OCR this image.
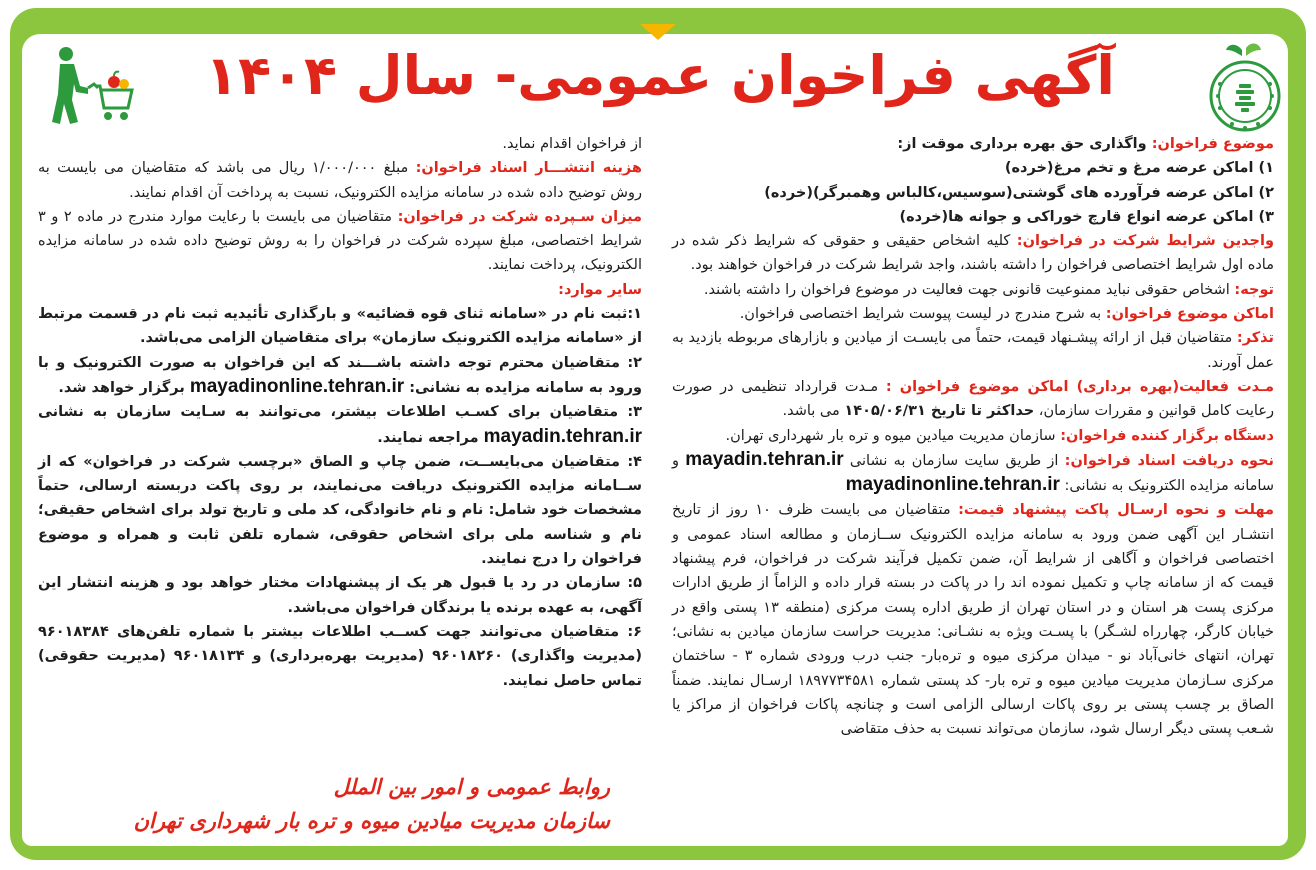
آگهی فراخوان عمومی- سال ۱۴۰۴

موضوع فراخوان: واگذاری حق بهره برداری موقت از:

۱) اماکن عرضه مرغ و تخم مرغ(خرده)

۲) اماکن عرضه فرآورده های گوشتی(سوسیس،کالباس وهمبرگر)(خرده)

۳) اماکن عرضه انواع قارچ خوراکی و جوانه ها(خرده)

واجدین شرایط شرکت در فراخوان: کلیه اشخاص حقیقی و حقوقی که شرایط ذکر شده در ماده اول شرایط اختصاصی فراخوان را داشته باشند، واجد شرایط شرکت در فراخوان خواهند بود.

توجه: اشخاص حقوقی نباید ممنوعیت قانونی جهت فعالیت در موضوع فراخوان را داشته باشند.

اماکن موضوع فراخوان: به شرح مندرج در لیست پیوست شرایط اختصاصی فراخوان.

تذکر: متقاضیان قبل از ارائه پیشـنهاد قیمت، حتماً می بایسـت از میادین و بازارهای مربوطه بازدید به عمل آورند.

مـدت فعالیت(بهره برداری) اماکن موضوع فراخوان : مـدت قرارداد تنظیمی در صورت رعایت کامل قوانین و مقررات سازمان، حداکثر تا تاریخ ۱۴۰۵/۰۶/۳۱ می باشد.

دستگاه برگزار کننده فراخوان: سازمان مدیریت میادین میوه و تره بار شهرداری تهران.

نحوه دریافت اسناد فراخوان: از طریق سایت سازمان به نشانی mayadin.tehran.ir و سامانه مزایده الکترونیک به نشانی: mayadinonline.tehran.ir

مهلت و نحوه ارسـال پاکت پیشنهاد قیمت: متقاضیان می بایست ظرف ۱۰ روز از تاریخ انتشـار این آگهی ضمن ورود به سامانه مزایده الکترونیک ســازمان و مطالعه اسناد عمومی و اختصاصی فراخوان و آگاهی از شرایط آن، ضمن تکمیل فرآیند شرکت در فراخوان، فرم پیشنهاد قیمت که از سامانه چاپ و تکمیل نموده اند را در پاکت در بسته قرار داده و الزاماً از طریق ادارات مرکزی پست هر استان و در استان تهران از طریق اداره پست مرکزی (منطقه ۱۳ پستی واقع در خیابان کارگر، چهارراه لشـگر) با پسـت ویژه به نشـانی: مدیریت حراست سازمان میادین به نشانی؛ تهران، انتهای خانی‌آباد نو - میدان مرکزی میوه و تره‌بار- جنب درب ورودی شماره ۳ - ساختمان مرکزی سـازمان مدیریت میادین میوه و تره بار- کد پستی شماره ۱۸۹۷۷۳۴۵۸۱ ارسـال نمایند. ضمناً الصاق بر چسب پستی بر روی پاکات ارسالی الزامی است و چنانچه پاکات فراخوان از مراکز یا شـعب پستی دیگر ارسال شود، سازمان می‌تواند نسبت به حذف متقاضی

از فراخوان اقدام نماید.

هزینه انتشـــار اسناد فراخوان: مبلغ ۱/۰۰۰/۰۰۰ ریال می باشد که متقاضیان می بایست به روش توضیح داده شده در سامانه مزایده الکترونیک، نسبت به پرداخت آن اقدام نمایند.

میزان سـپرده شرکت در فراخوان: متقاضیان می بایست با رعایت موارد مندرج در ماده ۲ و ۳ شرایط اختصاصی، مبلغ سپرده شرکت در فراخوان را به روش توضیح داده شده در سامانه مزایده الکترونیک، پرداخت نمایند.

سایر موارد:

۱:ثبت نام در «سامانه ثنای قوه قضائیه» و بارگذاری تأئیدیه ثبت نام در قسمت مرتبط از «سامانه مزایده الکترونیک سازمان» برای متقاضیان الزامی می‌باشد.

۲: متقاضیان محترم توجه داشته باشـــند که این فراخوان به صورت الکترونیک و با ورود به سامانه مزایده به نشانی: mayadinonline.tehran.ir برگزار خواهد شد.

۳: متقاضیان برای کسـب اطلاعات بیشتر، می‌توانند به سـایت سازمان به نشانی mayadin.tehran.ir مراجعه نمایند.

۴: متقاضیان می‌بایســت، ضمن چاپ و الصاق «برچسب شرکت در فراخوان» که از ســامانه مزایده الکترونیک دریافت می‌نمایند، بر روی پاکت دربسته ارسالی، حتماً مشخصات خود شامل: نام و نام خانوادگی، کد ملی و تاریخ تولد برای اشخاص حقیقی؛ نام و شناسه ملی برای اشخاص حقوقی، شماره تلفن ثابت و همراه و موضوع فراخوان را درج نمایند.

۵: سازمان در رد یا قبول هر یک از پیشنهادات مختار خواهد بود و هزینه انتشار این آگهی، به عهده برنده یا برندگان فراخوان می‌باشد.

۶: متقاضیان می‌توانند جهت کســب اطلاعات بیشتر با شماره تلفن‌های ۹۶۰۱۸۳۸۴ (مدیریت واگذاری) ۹۶۰۱۸۲۶۰ (مدیریت بهره‌برداری) و ۹۶۰۱۸۱۳۴ (مدیریت حقوقی) تماس حاصل نمایند.

روابط عمومی و امور بین الملل
سازمان مدیریت میادین میوه و تره بار شهرداری تهران
